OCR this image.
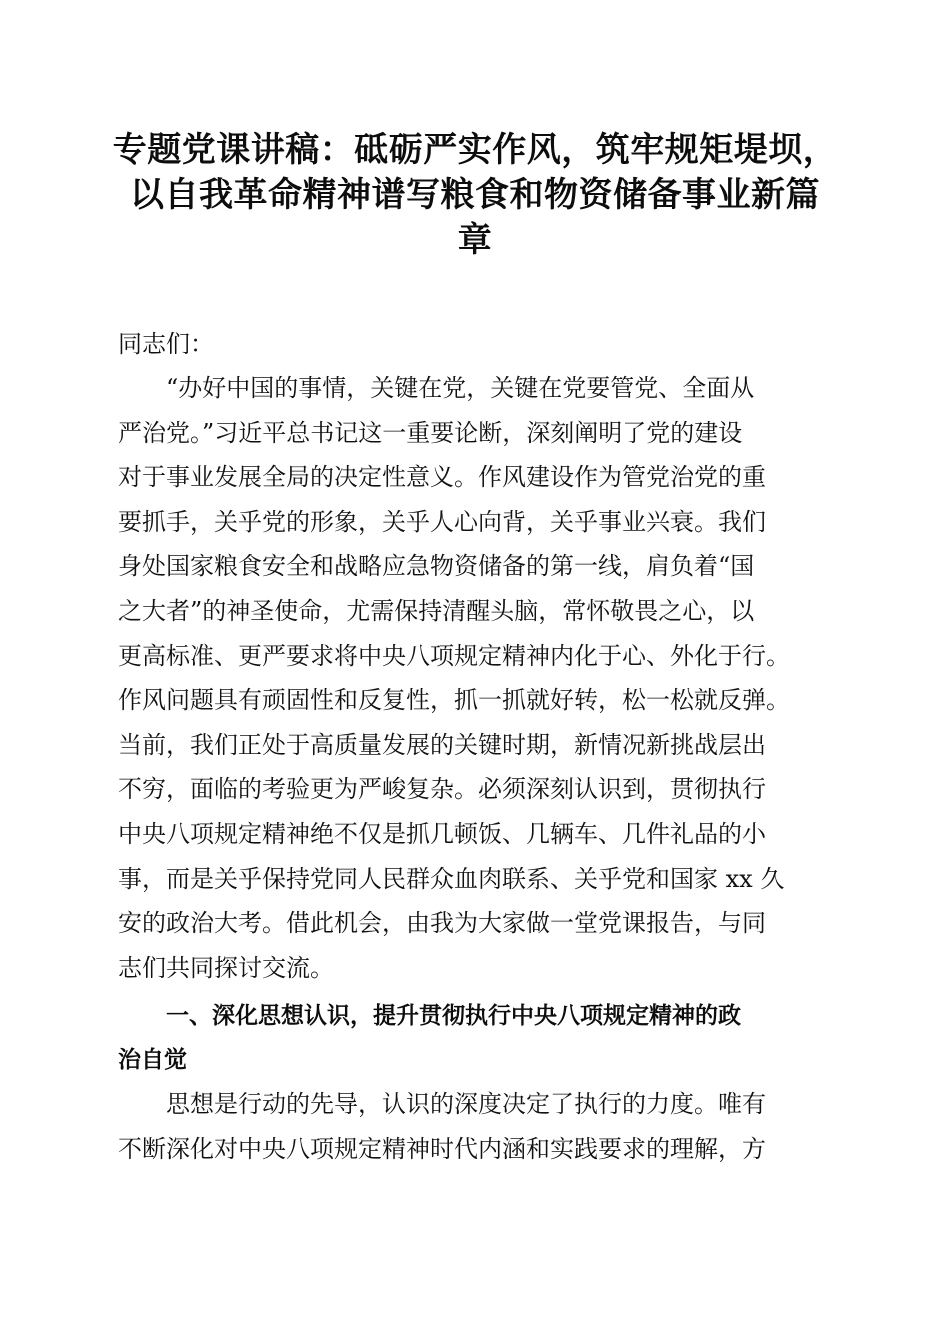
专题党课讲稿：砥砺严实作风，筑牢规矩堤坝，
以自我革命精神谱写粮食和物资储备事业新篇
章

同志们：

“办好中国的事情，关键在党，关键在党要管党、全面从
严治党。”习近平总书记这一重要论断，深刻阐明了党的建设
对于事业发展全局的决定性意义。作风建设作为管党治党的重
要抓手，关乎党的形象，关乎人心向背，关乎事业兴衰。我们
身处国家粮食安全和战略应急物资储备的第一线，肩负着“国
之大者”的神圣使命，尤需保持清醒头脑，常怀敬畏之心，以
更高标准、更严要求将中央八项规定精神内化于心、外化于行。
作风问题具有顽固性和反复性，抓一抓就好转，松一松就反弹。
当前，我们正处于高质量发展的关键时期，新情况新挑战层出
不穷，面临的考验更为严峻复杂。必须深刻认识到，贯彻执行
中央八项规定精神绝不仅是抓几顿饭、几辆车、几件礼品的小
事，而是关乎保持党同人民群众血肉联系、关乎党和国家 xx 久
安的政治大考。借此机会，由我为大家做一堂党课报告，与同
志们共同探讨交流。
一、深化思想认识，提升贯彻执行中央八项规定精神的政
治自觉
思想是行动的先导，认识的深度决定了执行的力度。唯有
不断深化对中央八项规定精神时代内涵和实践要求的理解，方
